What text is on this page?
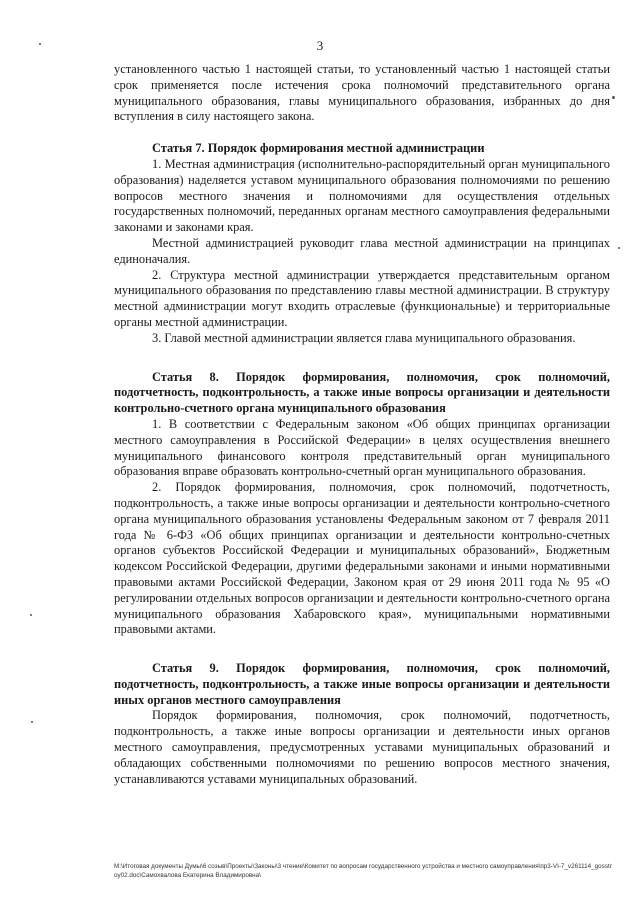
3

установленного частью 1 настоящей статьи, то установленный частью 1 настоящей статьи срок применяется после истечения срока полномочий представительного органа муниципального образования, главы муниципального образования, избранных до дня вступления в силу настоящего закона.

Статья 7. Порядок формирования местной администрации

1. Местная администрация (исполнительно-распорядительный орган муниципального образования) наделяется уставом муниципального образования полномочиями по решению вопросов местного значения и полномочиями для осуществления отдельных государственных полномочий, переданных органам местного самоуправления федеральными законами и законами края.

Местной администрацией руководит глава местной администрации на принципах единоначалия.

2. Структура местной администрации утверждается представительным органом муниципального образования по представлению главы местной администрации. В структуру местной администрации могут входить отраслевые (функциональные) и территориальные органы местной администрации.

3. Главой местной администрации является глава муниципального образования.

Статья 8. Порядок формирования, полномочия, срок полномочий, подотчетность, подконтрольность, а также иные вопросы организации и деятельности контрольно-счетного органа муниципального образования

1. В соответствии с Федеральным законом «Об общих принципах организации местного самоуправления в Российской Федерации» в целях осуществления внешнего муниципального финансового контроля представительный орган муниципального образования вправе образовать контрольно-счетный орган муниципального образования.

2. Порядок формирования, полномочия, срок полномочий, подотчетность, подконтрольность, а также иные вопросы организации и деятельности контрольно-счетного органа муниципального образования установлены Федеральным законом от 7 февраля 2011 года № 6-ФЗ «Об общих принципах организации и деятельности контрольно-счетных органов субъектов Российской Федерации и муниципальных образований», Бюджетным кодексом Российской Федерации, другими федеральными законами и иными нормативными правовыми актами Российской Федерации, Законом края от 29 июня 2011 года № 95 «О регулировании отдельных вопросов организации и деятельности контрольно-счетного органа муниципального образования Хабаровского края», муниципальными нормативными правовыми актами.

Статья 9. Порядок формирования, полномочия, срок полномочий, подотчетность, подконтрольность, а также иные вопросы организации и деятельности иных органов местного самоуправления

Порядок формирования, полномочия, срок полномочий, подотчетность, подконтрольность, а также иные вопросы организации и деятельности иных органов местного самоуправления, предусмотренных уставами муниципальных образований и обладающих собственными полномочиями по решению вопросов местного значения, устанавливаются уставами муниципальных образований.

M:\Итоговая документы Думы\6 созыв\Проекты\Законы\3 чтение\Комитет по вопросам государственного устройства и местного самоуправления\пр3-VI-7_v261114_gosstroy02.doc\Самохвалова Екатерина Владимировна\
